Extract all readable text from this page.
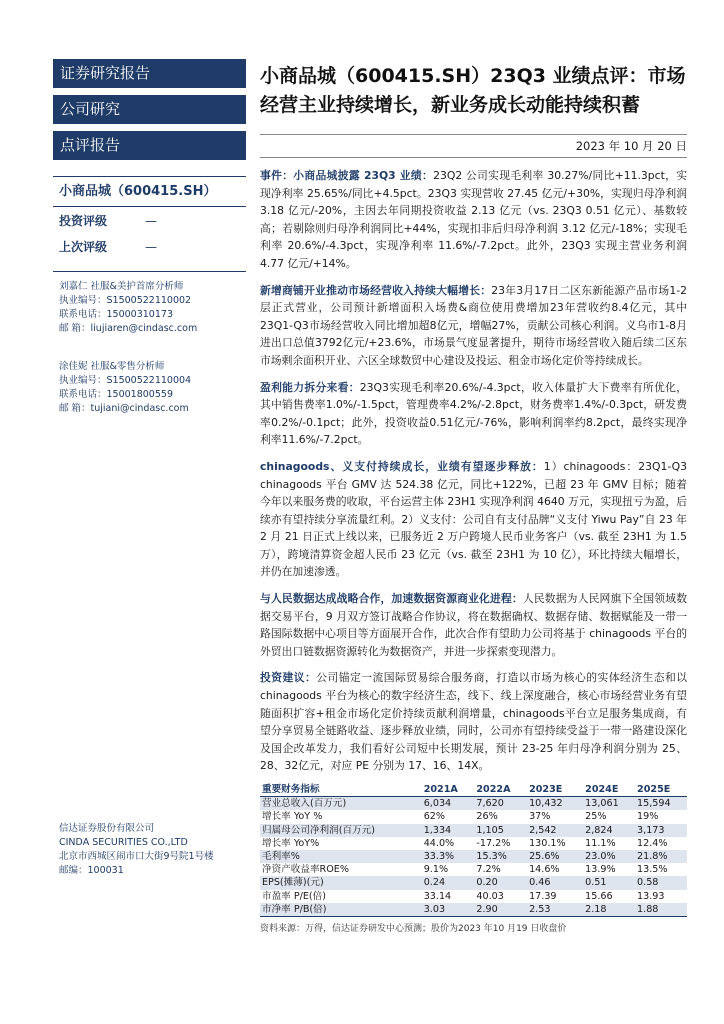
证券研究报告
公司研究
点评报告
小商品城（600415.SH）
投资评级	—
上次评级	—
刘嘉仁 社服&美护首席分析师
执业编号：S1500522110002
联系电话：15000310173
邮 箱：liujiaren@cindasc.com
涂佳妮 社服&零售分析师
执业编号：S1500522110004
联系电话：15001800559
邮 箱：tujiani@cindasc.com
信达证券股份有限公司
CINDA SECURITIES CO.,LTD
北京市西城区闹市口大街9号院1号楼
邮编：100031
小商品城（600415.SH）23Q3 业绩点评：市场经营主业持续增长，新业务成长动能持续积蓄
2023 年 10 月 20 日
事件：小商品城披露 23Q3 业绩：23Q2 公司实现毛利率 30.27%/同比+11.3pct，实现净利率 25.65%/同比+4.5pct。23Q3 实现营收 27.45 亿元/+30%，实现归母净利润 3.18 亿元/-20%，主因去年同期投资收益 2.13 亿元（vs. 23Q3 0.51 亿元）、基数较高；若剔除则归母净利润同比+44%，实现扣非后归母净利润 3.12 亿元/-18%；实现毛利率 20.6%/-4.3pct，实现净利率 11.6%/-7.2pct。此外，23Q3 实现主营业务利润 4.77 亿元/+14%。
新增商铺开业推动市场经营收入持续大幅增长：23年3月17日二区东新能源产品市场1-2层正式营业，公司预计新增面积入场费&商位使用费增加23年营收约8.4亿元，其中23Q1-Q3市场经营收入同比增加超8亿元，增幅27%，贡献公司核心利润。义乌市1-8月进出口总值3792亿元/+23.6%，市场景气度显著提升，期待市场经营收入随后续二区东市场剩余面积开业、六区全球数贸中心建设及投运、租金市场化定价等持续成长。
盈利能力拆分来看：23Q3实现毛利率20.6%/-4.3pct，收入体量扩大下费率有所优化，其中销售费率1.0%/-1.5pct，管理费率4.2%/-2.8pct，财务费率1.4%/-0.3pct，研发费率0.2%/-0.1pct；此外，投资收益0.51亿元/-76%，影响利润率约8.2pct，最终实现净利率11.6%/-7.2pct。
chinagoods、义支付持续成长，业绩有望逐步释放：1）chinagoods：23Q1-Q3 chinagoods 平台 GMV 达 524.38 亿元，同比+122%，已超 23 年 GMV 目标；随着今年以来服务费的收取，平台运营主体 23H1 实现净利润 4640 万元，实现扭亏为盈，后续亦有望持续分享流量红利。2）义支付：公司自有支付品牌“义支付 Yiwu Pay”自 23 年 2 月 21 日正式上线以来，已服务近 2 万户跨境人民币业务客户（vs. 截至 23H1 为 1.5 万），跨境清算资金超人民币 23 亿元（vs. 截至 23H1 为 10 亿），环比持续大幅增长，并仍在加速渗透。
与人民数据达成战略合作，加速数据资源商业化进程：人民数据为人民网旗下全国领域数据交易平台，9 月双方签订战略合作协议，将在数据确权、数据存储、数据赋能及一带一路国际数据中心项目等方面展开合作，此次合作有望助力公司将基于 chinagoods 平台的外贸出口链数据资源转化为数据资产，并进一步探索变现潜力。
投资建议：公司锚定一流国际贸易综合服务商，打造以市场为核心的实体经济生态和以 chinagoods 平台为核心的数字经济生态，线下、线上深度融合，核心市场经营业务有望随面积扩容+租金市场化定价持续贡献利润增量，chinagoods平台立足服务集成商，有望分享贸易全链路收益、逐步释放业绩，同时，公司亦有望持续受益于一带一路建设深化及国企改革发力，我们看好公司短中长期发展，预计 23-25 年归母净利润分别为 25、28、32亿元，对应 PE 分别为 17、16、14X。
重要财务指标	2021A	2022A	2023E	2024E	2025E
营业总收入(百万元)	6,034	7,620	10,432	13,061	15,594
增长率 YoY %	62%	26%	37%	25%	19%
归属母公司净利润(百万元)	1,334	1,105	2,542	2,824	3,173
增长率 YoY%	44.0%	-17.2%	130.1%	11.1%	12.4%
毛利率%	33.3%	15.3%	25.6%	23.0%	21.8%
净资产收益率ROE%	9.1%	7.2%	14.6%	13.9%	13.5%
EPS(摊薄)(元)	0.24	0.20	0.46	0.51	0.58
市盈率 P/E(倍)	33.14	40.03	17.39	15.66	13.93
市净率 P/B(倍)	3.03	2.90	2.53	2.18	1.88
资料来源：万得，信达证券研发中心预测；股价为2023 年10 月19 日收盘价
